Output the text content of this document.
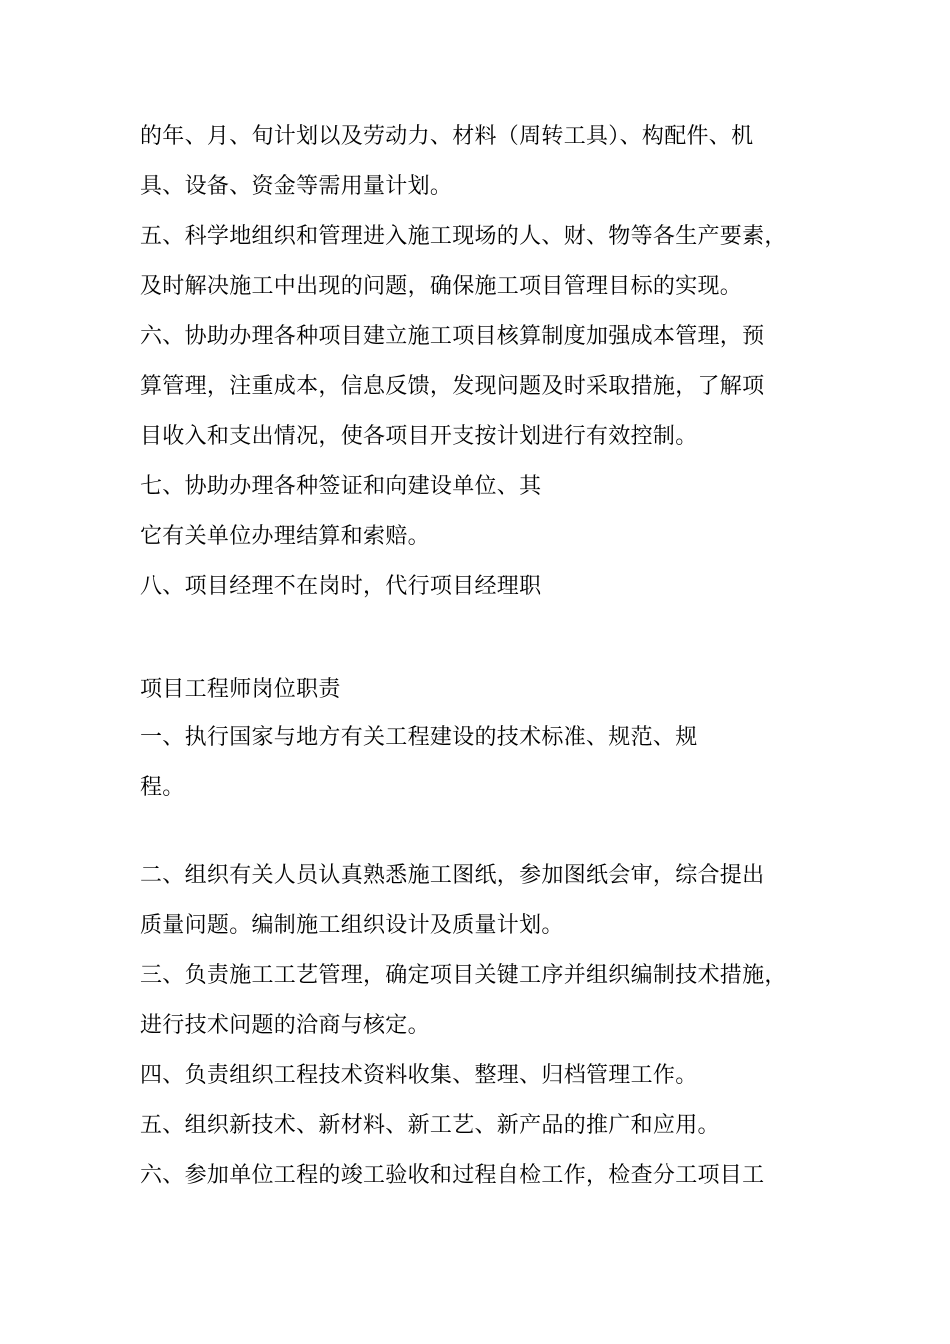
的年、月、旬计划以及劳动力、材料（周转工具）、构配件、机
具、设备、资金等需用量计划。
五、科学地组织和管理进入施工现场的人、财、物等各生产要素，
及时解决施工中出现的问题，确保施工项目管理目标的实现。
六、协助办理各种项目建立施工项目核算制度加强成本管理，预
算管理，注重成本，信息反馈，发现问题及时采取措施，了解项
目收入和支出情况，使各项目开支按计划进行有效控制。
七、协助办理各种签证和向建设单位、其
它有关单位办理结算和索赔。
八、项目经理不在岗时，代行项目经理职
项目工程师岗位职责
一、执行国家与地方有关工程建设的技术标准、规范、规
程。
二、组织有关人员认真熟悉施工图纸，参加图纸会审，综合提出
质量问题。编制施工组织设计及质量计划。
三、负责施工工艺管理，确定项目关键工序并组织编制技术措施，
进行技术问题的洽商与核定。
四、负责组织工程技术资料收集、整理、归档管理工作。
五、组织新技术、新材料、新工艺、新产品的推广和应用。
六、参加单位工程的竣工验收和过程自检工作，检查分工项目工
